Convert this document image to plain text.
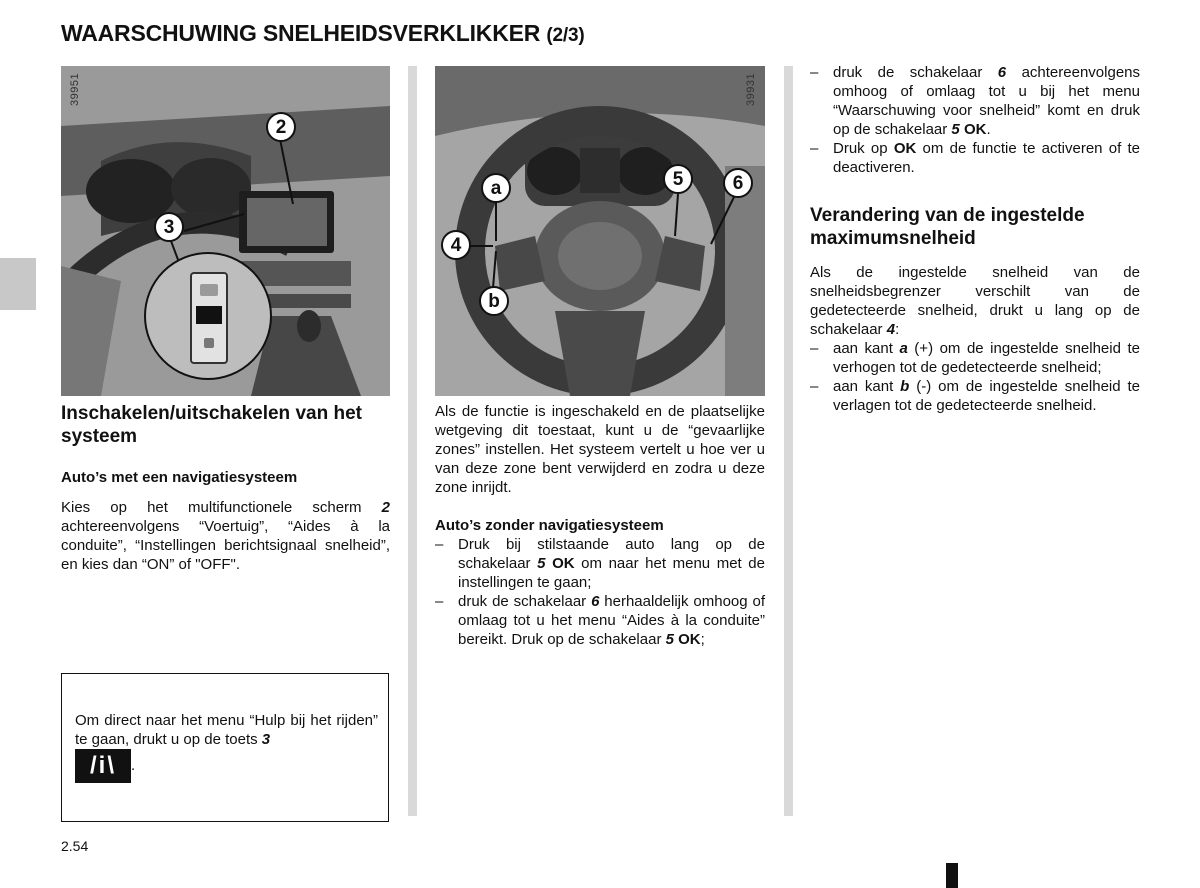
WAARSCHUWING SNELHEIDSVERKLIKKER (2/3)
39951
2
3
39931
a
4
b
5	6
Inschakelen/uitschakelen van het systeem
Auto’s met een navigatiesysteem

Kies op het multifunctionele scherm 2 achtereenvolgens “Voertuig”, “Aides à la conduite”, “Instellingen berichtsignaal snelheid”, en kies dan “ON” of "OFF".

Om direct naar het menu “Hulp bij het rijden” te gaan, drukt u op de toets 3
/i\ .

Als de functie is ingeschakeld en de plaatselijke wetgeving dit toestaat, kunt u de “gevaarlijke zones” instellen. Het systeem vertelt u hoe ver u van deze zone bent verwijderd en zodra u deze zone inrijdt.

Auto’s zonder navigatiesysteem
– Druk bij stilstaande auto lang op de schakelaar 5 OK om naar het menu met de instellingen te gaan;
– druk de schakelaar 6 herhaaldelijk omhoog of omlaag tot u het menu “Aides à la conduite” bereikt. Druk op de schakelaar 5 OK;
– druk de schakelaar 6 achtereenvolgens omhoog of omlaag tot u bij het menu “Waarschuwing voor snelheid” komt en druk op de schakelaar 5 OK.
– Druk op OK om de functie te activeren of te deactiveren.
Verandering van de ingestelde maximumsnelheid

Als de ingestelde snelheid van de snelheidsbegrenzer verschilt van de gedetecteerde snelheid, drukt u lang op de schakelaar 4:

– aan kant a (+) om de ingestelde snelheid te verhogen tot de gedetecteerde snelheid;
– aan kant b (-) om de ingestelde snelheid te verlagen tot de gedetecteerde snelheid.
2.54
